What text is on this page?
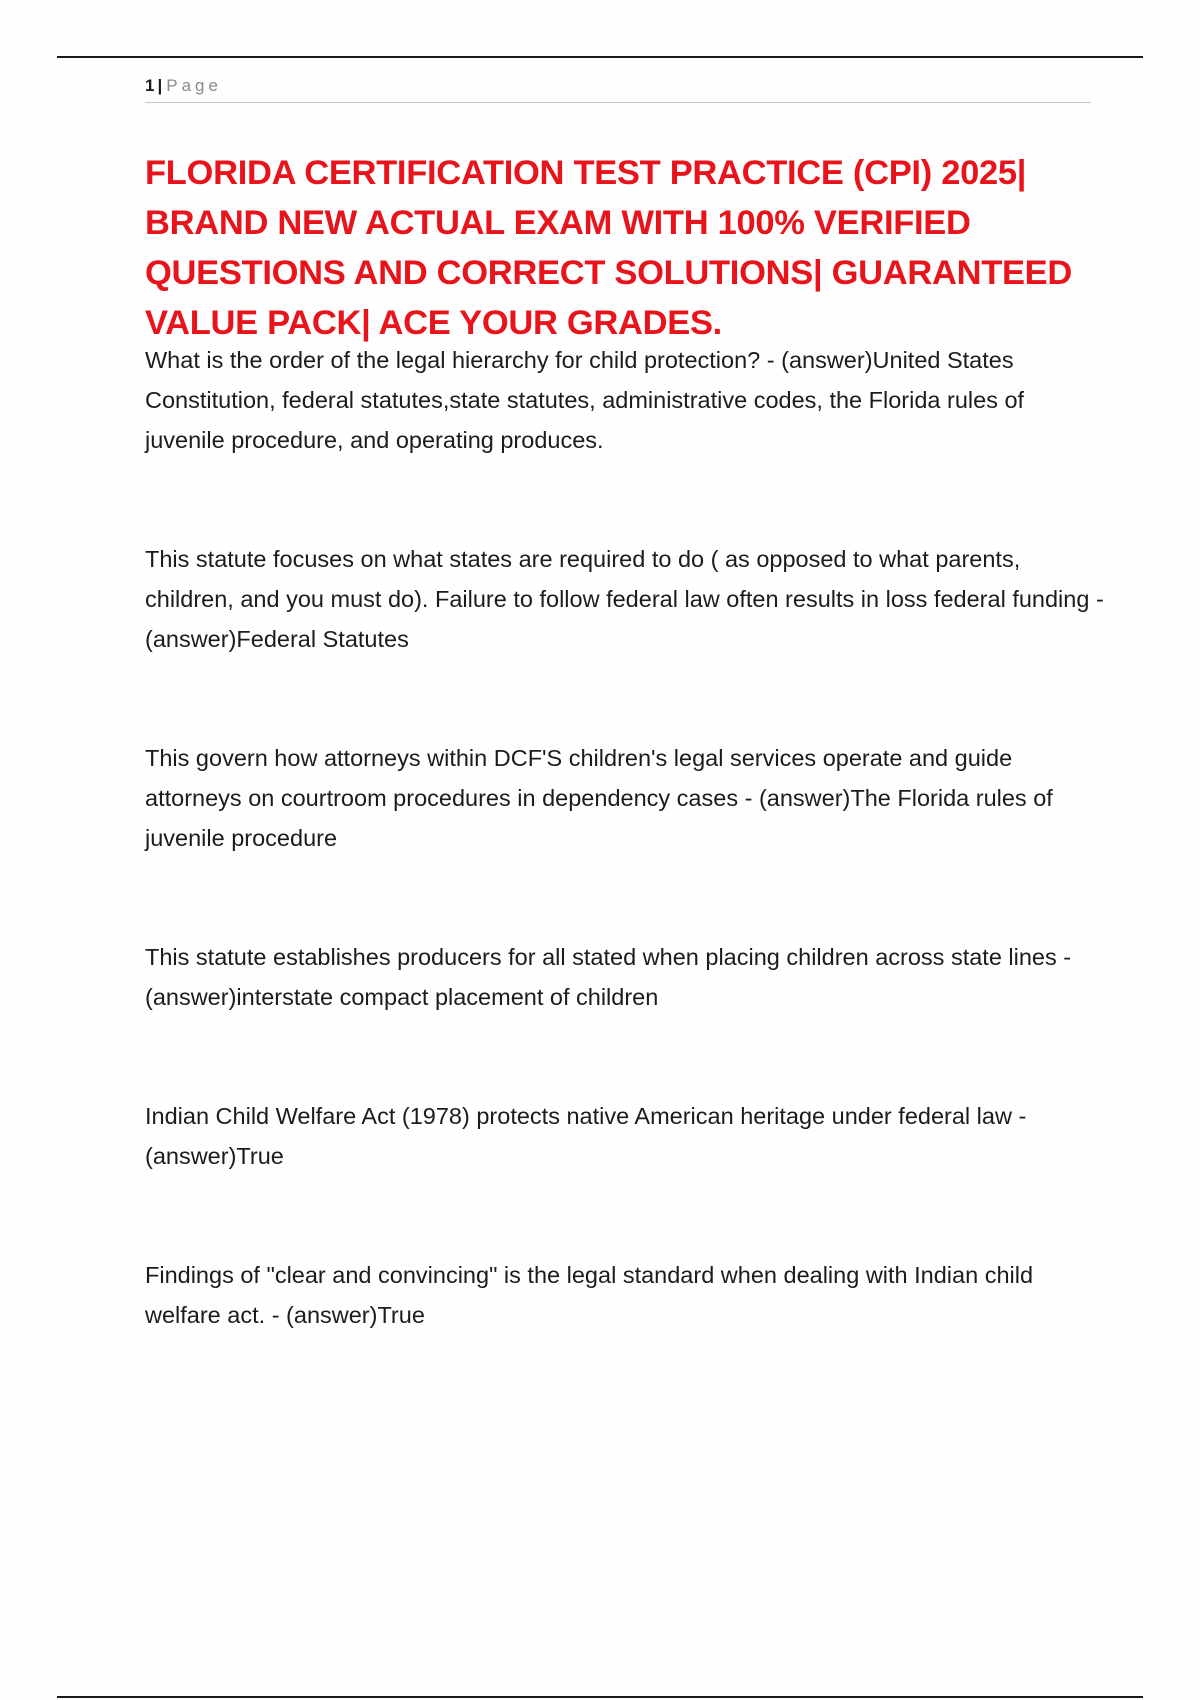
1 | Page
FLORIDA CERTIFICATION TEST PRACTICE (CPI) 2025| BRAND NEW ACTUAL EXAM WITH 100% VERIFIED QUESTIONS AND CORRECT SOLUTIONS| GUARANTEED VALUE PACK| ACE YOUR GRADES.

What is the order of the legal hierarchy for child protection? - (answer)United States Constitution, federal statutes,state statutes, administrative codes, the Florida rules of juvenile procedure, and operating produces.

This statute focuses on what states are required to do ( as opposed to what parents, children, and you must do). Failure to follow federal law often results in loss federal funding - (answer)Federal Statutes

This govern how attorneys within DCF'S children's legal services operate and guide attorneys on courtroom procedures in dependency cases - (answer)The Florida rules of juvenile procedure

This statute establishes producers for all stated when placing children across state lines - (answer)interstate compact placement of children

Indian Child Welfare Act (1978) protects native American heritage under federal law - (answer)True

Findings of "clear and convincing" is the legal standard when dealing with Indian child welfare act. - (answer)True
